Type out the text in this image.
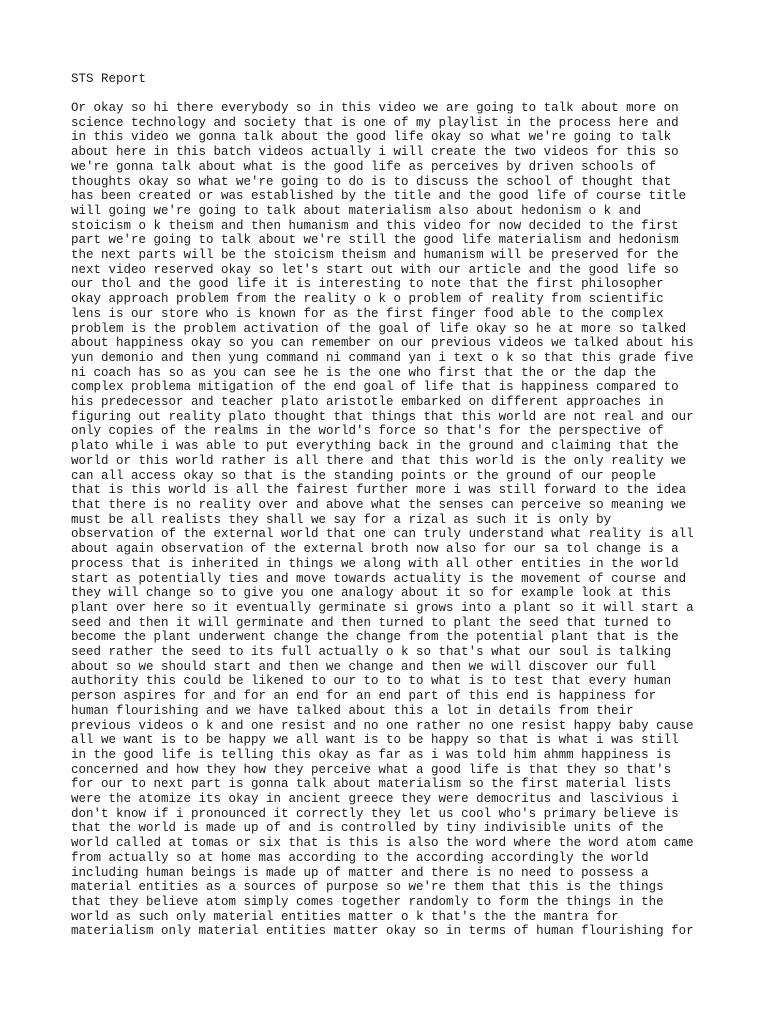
STS Report
Or okay so hi there everybody so in this video we are going to talk about more on
science technology and society that is one of my playlist in the process here and
in this video we gonna talk about the good life okay so what we're going to talk
about here in this batch videos actually i will create the two videos for this so
we're gonna talk about what is the good life as perceives by driven schools of
thoughts okay so what we're going to do is to discuss the school of thought that
has been created or was established by the title and the good life of course title
will going we're going to talk about materialism also about hedonism o k and
stoicism o k theism and then humanism and this video for now decided to the first
part we're going to talk about we're still the good life materialism and hedonism
the next parts will be the stoicism theism and humanism will be preserved for the
next video reserved okay so let's start out with our article and the good life so
our thol and the good life it is interesting to note that the first philosopher
okay approach problem from the reality o k o problem of reality from scientific
lens is our store who is known for as the first finger food able to the complex
problem is the problem activation of the goal of life okay so he at more so talked
about happiness okay so you can remember on our previous videos we talked about his
yun demonio and then yung command ni command yan i text o k so that this grade five
ni coach has so as you can see he is the one who first that the or the dap the
complex problema mitigation of the end goal of life that is happiness compared to
his predecessor and teacher plato aristotle embarked on different approaches in
figuring out reality plato thought that things that this world are not real and our
only copies of the realms in the world's force so that's for the perspective of
plato while i was able to put everything back in the ground and claiming that the
world or this world rather is all there and that this world is the only reality we
can all access okay so that is the standing points or the ground of our people
that is this world is all the fairest further more i was still forward to the idea
that there is no reality over and above what the senses can perceive so meaning we
must be all realists they shall we say for a rizal as such it is only by
observation of the external world that one can truly understand what reality is all
about again observation of the external broth now also for our sa tol change is a
process that is inherited in things we along with all other entities in the world
start as potentially ties and move towards actuality is the movement of course and
they will change so to give you one analogy about it so for example look at this
plant over here so it eventually germinate si grows into a plant so it will start a
seed and then it will germinate and then turned to plant the seed that turned to
become the plant underwent change the change from the potential plant that is the
seed rather the seed to its full actually o k so that's what our soul is talking
about so we should start and then we change and then we will discover our full
authority this could be likened to our to to to what is to test that every human
person aspires for and for an end for an end part of this end is happiness for
human flourishing and we have talked about this a lot in details from their
previous videos o k and one resist and no one rather no one resist happy baby cause
all we want is to be happy we all want is to be happy so that is what i was still
in the good life is telling this okay as far as i was told him ahmm happiness is
concerned and how they how they perceive what a good life is that they so that's
for our to next part is gonna talk about materialism so the first material lists
were the atomize its okay in ancient greece they were democritus and lascivious i
don't know if i pronounced it correctly they let us cool who's primary believe is
that the world is made up of and is controlled by tiny indivisible units of the
world called at tomas or six that is this is also the word where the word atom came
from actually so at home mas according to the according accordingly the world
including human beings is made up of matter and there is no need to possess a
material entities as a sources of purpose so we're them that this is the things
that they believe atom simply comes together randomly to form the things in the
world as such only material entities matter o k that's the the mantra for
materialism only material entities matter okay so in terms of human flourishing for
